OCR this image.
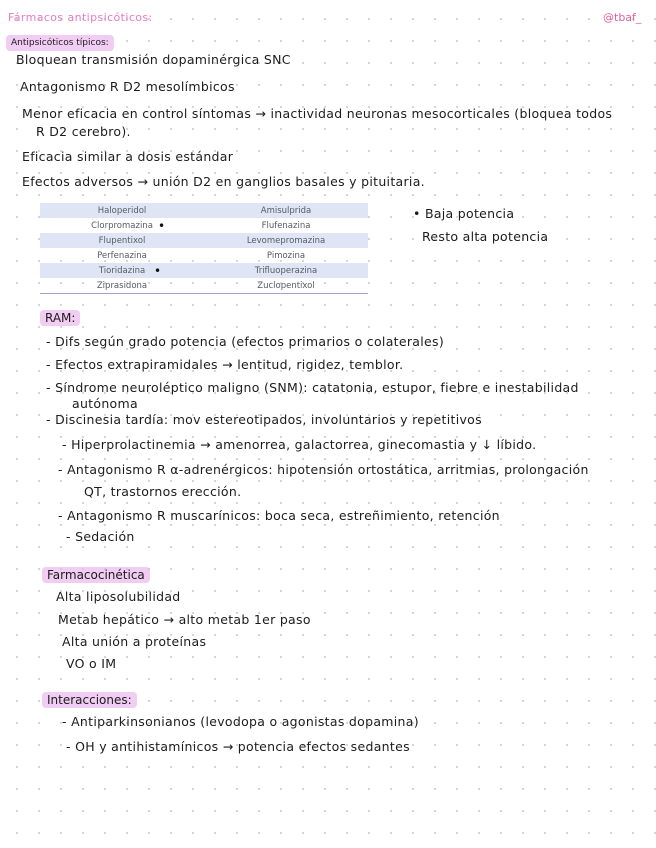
Fármacos antipsicóticos:	@tbaf_
Antipsicóticos típicos:
Bloquean transmisión dopaminérgica SNC
Antagonismo R D2 mesolímbicos
Menor eficacia en control síntomas → inactividad neuronas mesocorticales (bloquea todos
R D2 cerebro).
Eficacia similar a dosis estándar
Efectos adversos → unión D2 en ganglios basales y pituitaria.
Haloperidol	Amisulprida
Clorpromazina •	Flufenazina
Flupentixol	Levomepromazina
Perfenazina	Pimozina
Tioridazina •	Trifluoperazina
Ziprasidona	Zuclopentixol
• Baja potencia
Resto alta potencia
RAM:
- Difs según grado potencia (efectos primarios o colaterales)
- Efectos extrapiramidales → lentitud, rigidez, temblor.
- Síndrome neuroléptico maligno (SNM): catatonia, estupor, fiebre e inestabilidad
autónoma
- Discinesia tardía: mov estereotipados, involuntarios y repetitivos
- Hiperprolactinemia → amenorrea, galactorrea, ginecomastia y ↓ líbido.
- Antagonismo R α-adrenérgicos: hipotensión ortostática, arritmias, prolongación
QT, trastornos erección.
- Antagonismo R muscarínicos: boca seca, estreñimiento, retención
- Sedación
Farmacocinética
Alta liposolubilidad
Metab hepático → alto metab 1er paso
Alta unión a proteínas
VO o IM
Interacciones:
- Antiparkinsonianos (levodopa o agonistas dopamina)
- OH y antihistamínicos → potencia efectos sedantes
